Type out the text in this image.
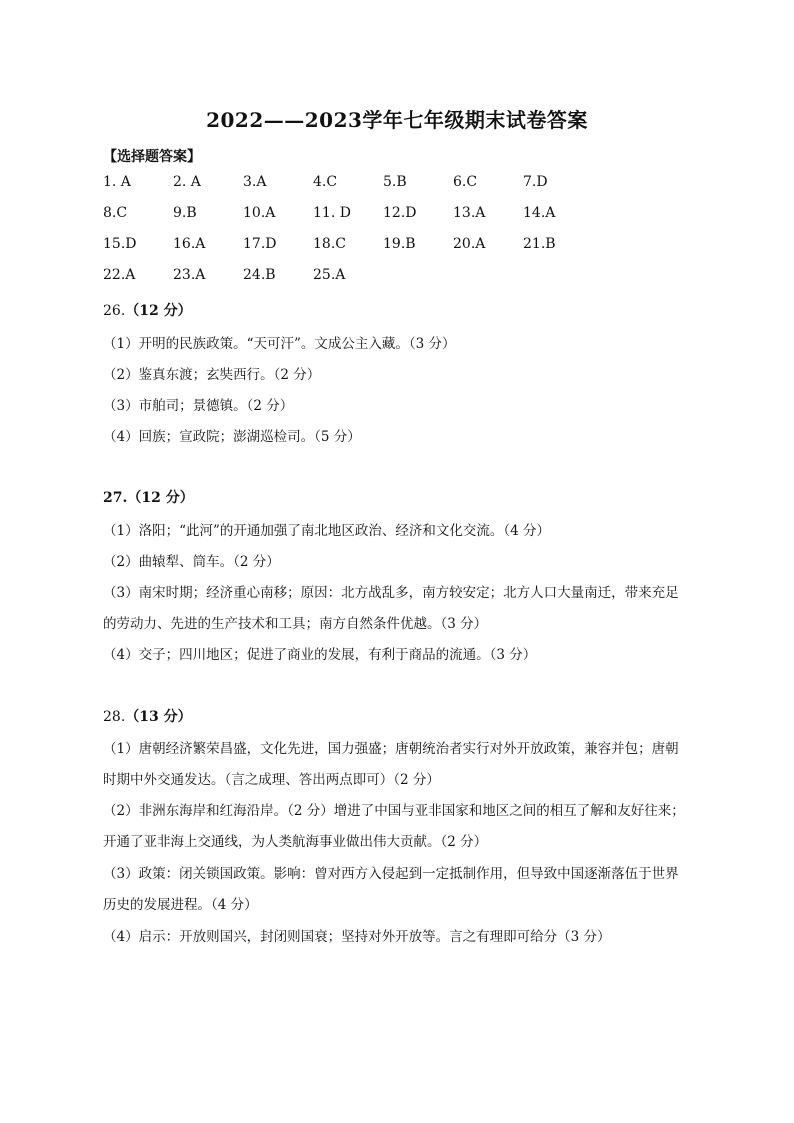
2022——2023学年七年级期末试卷答案
【选择题答案】
1. A	2. A	3.A	4.C	5.B	6.C	7.D
8.C	9.B	10.A	11. D 12.D	13.A	14.A
15.D	16.A	17.D	18.C	19.B	20.A	21.B
22.A	23.A	24.B	25.A
26.（12 分）
（1）开明的民族政策。“天可汗”。文成公主入藏。（3 分）
（2）鉴真东渡；玄奘西行。（2 分）
（3）市舶司；景德镇。（2 分）
（4）回族；宣政院；澎湖巡检司。（5 分）
27.（12 分）
（1）洛阳；“此河”的开通加强了南北地区政治、经济和文化交流。（4 分）
（2）曲辕犁、筒车。（2 分）
（3）南宋时期；经济重心南移；原因：北方战乱多，南方较安定；北方人口大量南迁，带来充足
的劳动力、先进的生产技术和工具；南方自然条件优越。（3 分）
（4）交子；四川地区；促进了商业的发展，有利于商品的流通。（3 分）
28.（13 分）
（1）唐朝经济繁荣昌盛，文化先进，国力强盛；唐朝统治者实行对外开放政策，兼容并包；唐朝
时期中外交通发达。（言之成理、答出两点即可）（2 分）
（2）非洲东海岸和红海沿岸。（2 分）增进了中国与亚非国家和地区之间的相互了解和友好往来；
开通了亚非海上交通线，为人类航海事业做出伟大贡献。（2 分）
（3）政策：闭关锁国政策。影响：曾对西方入侵起到一定抵制作用，但导致中国逐渐落伍于世界
历史的发展进程。（4 分）
（4）启示：开放则国兴，封闭则国衰；坚持对外开放等。言之有理即可给分（3 分）
